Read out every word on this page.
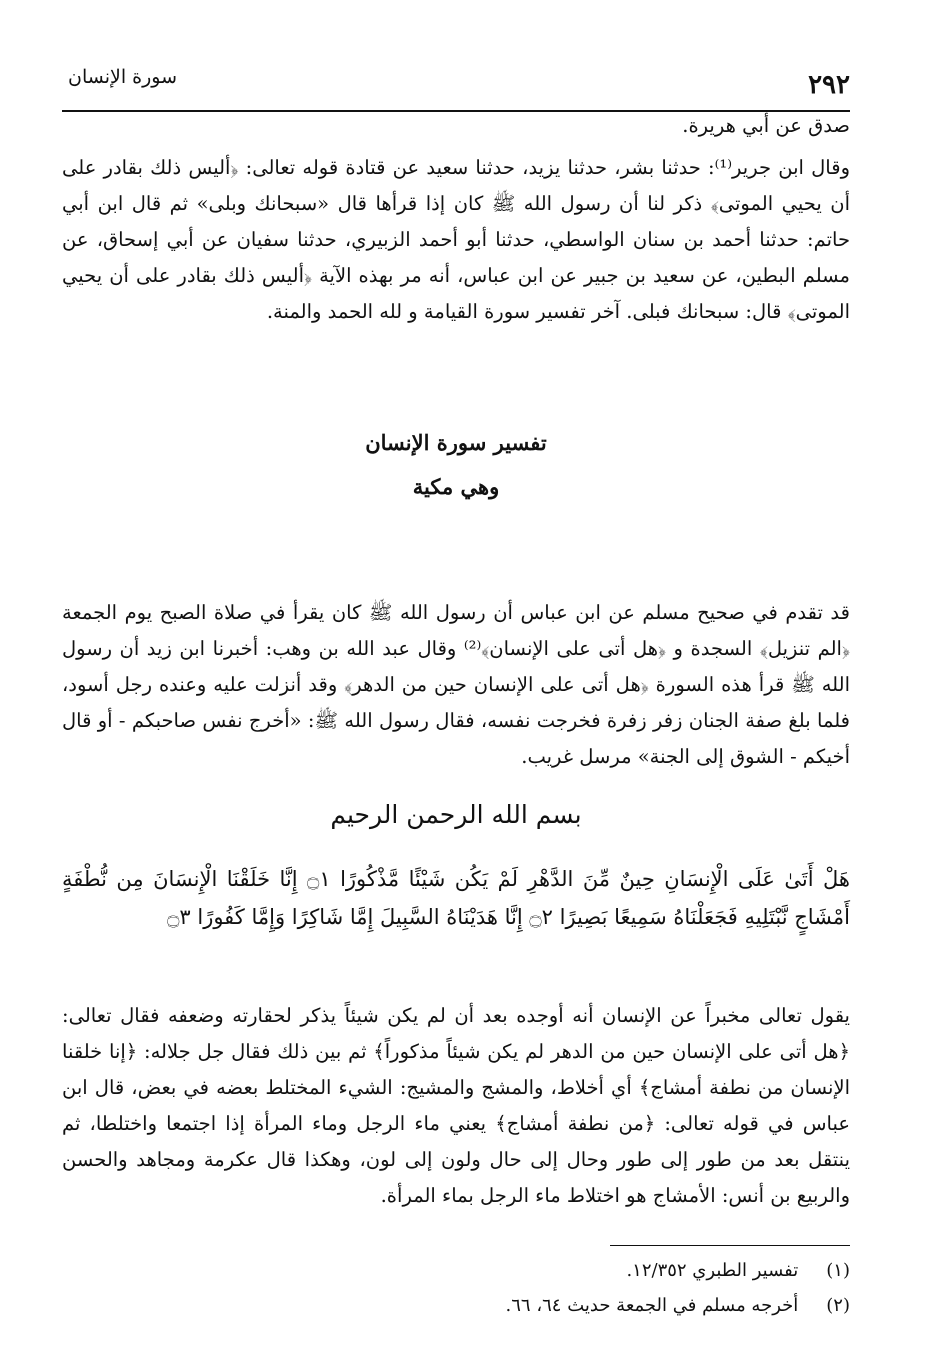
٢٩٢
سورة الإنسان
صدق عن أبي هريرة.
وقال ابن جرير⁽¹⁾: حدثنا بشر، حدثنا يزيد، حدثنا سعيد عن قتادة قوله تعالى: ﴿أليس ذلك بقادر على أن يحيي الموتى﴾ ذكر لنا أن رسول الله ﷺ كان إذا قرأها قال «سبحانك وبلى» ثم قال ابن أبي حاتم: حدثنا أحمد بن سنان الواسطي، حدثنا أبو أحمد الزبيري، حدثنا سفيان عن أبي إسحاق، عن مسلم البطين، عن سعيد بن جبير عن ابن عباس، أنه مر بهذه الآية ﴿أليس ذلك بقادر على أن يحيي الموتى﴾ قال: سبحانك فبلى. آخر تفسير سورة القيامة و لله الحمد والمنة.
تفسير سورة الإنسان
وهي مكية
قد تقدم في صحيح مسلم عن ابن عباس أن رسول الله ﷺ كان يقرأ في صلاة الصبح يوم الجمعة ﴿الم تنزيل﴾ السجدة و ﴿هل أتى على الإنسان﴾⁽²⁾ وقال عبد الله بن وهب: أخبرنا ابن زيد أن رسول الله ﷺ قرأ هذه السورة ﴿هل أتى على الإنسان حين من الدهر﴾ وقد أنزلت عليه وعنده رجل أسود، فلما بلغ صفة الجنان زفر زفرة فخرجت نفسه، فقال رسول الله ﷺ: «أخرج نفس صاحبكم - أو قال أخيكم - الشوق إلى الجنة» مرسل غريب.
بسم الله الرحمن الرحيم
هَلْ أَتَىٰ عَلَى الْإِنسَانِ حِينٌ مِّنَ الدَّهْرِ لَمْ يَكُن شَيْئًا مَّذْكُورًا ۝١ إِنَّا خَلَقْنَا الْإِنسَانَ مِن نُّطْفَةٍ أَمْشَاجٍ نَّبْتَلِيهِ فَجَعَلْنَاهُ سَمِيعًا بَصِيرًا ۝٢ إِنَّا هَدَيْنَاهُ السَّبِيلَ إِمَّا شَاكِرًا وَإِمَّا كَفُورًا ۝٣
يقول تعالى مخبراً عن الإنسان أنه أوجده بعد أن لم يكن شيئاً يذكر لحقارته وضعفه فقال تعالى: ﴿هل أتى على الإنسان حين من الدهر لم يكن شيئاً مذكوراً﴾ ثم بين ذلك فقال جل جلاله: ﴿إنا خلقنا الإنسان من نطفة أمشاج﴾ أي أخلاط، والمشج والمشيج: الشيء المختلط بعضه في بعض، قال ابن عباس في قوله تعالى: ﴿من نطفة أمشاج﴾ يعني ماء الرجل وماء المرأة إذا اجتمعا واختلطا، ثم ينتقل بعد من طور إلى طور وحال إلى حال ولون إلى لون، وهكذا قال عكرمة ومجاهد والحسن والربيع بن أنس: الأمشاج هو اختلاط ماء الرجل بماء المرأة.
(١) تفسير الطبري ١٢/٣٥٢.
(٢) أخرجه مسلم في الجمعة حديث ٦٤، ٦٦.
